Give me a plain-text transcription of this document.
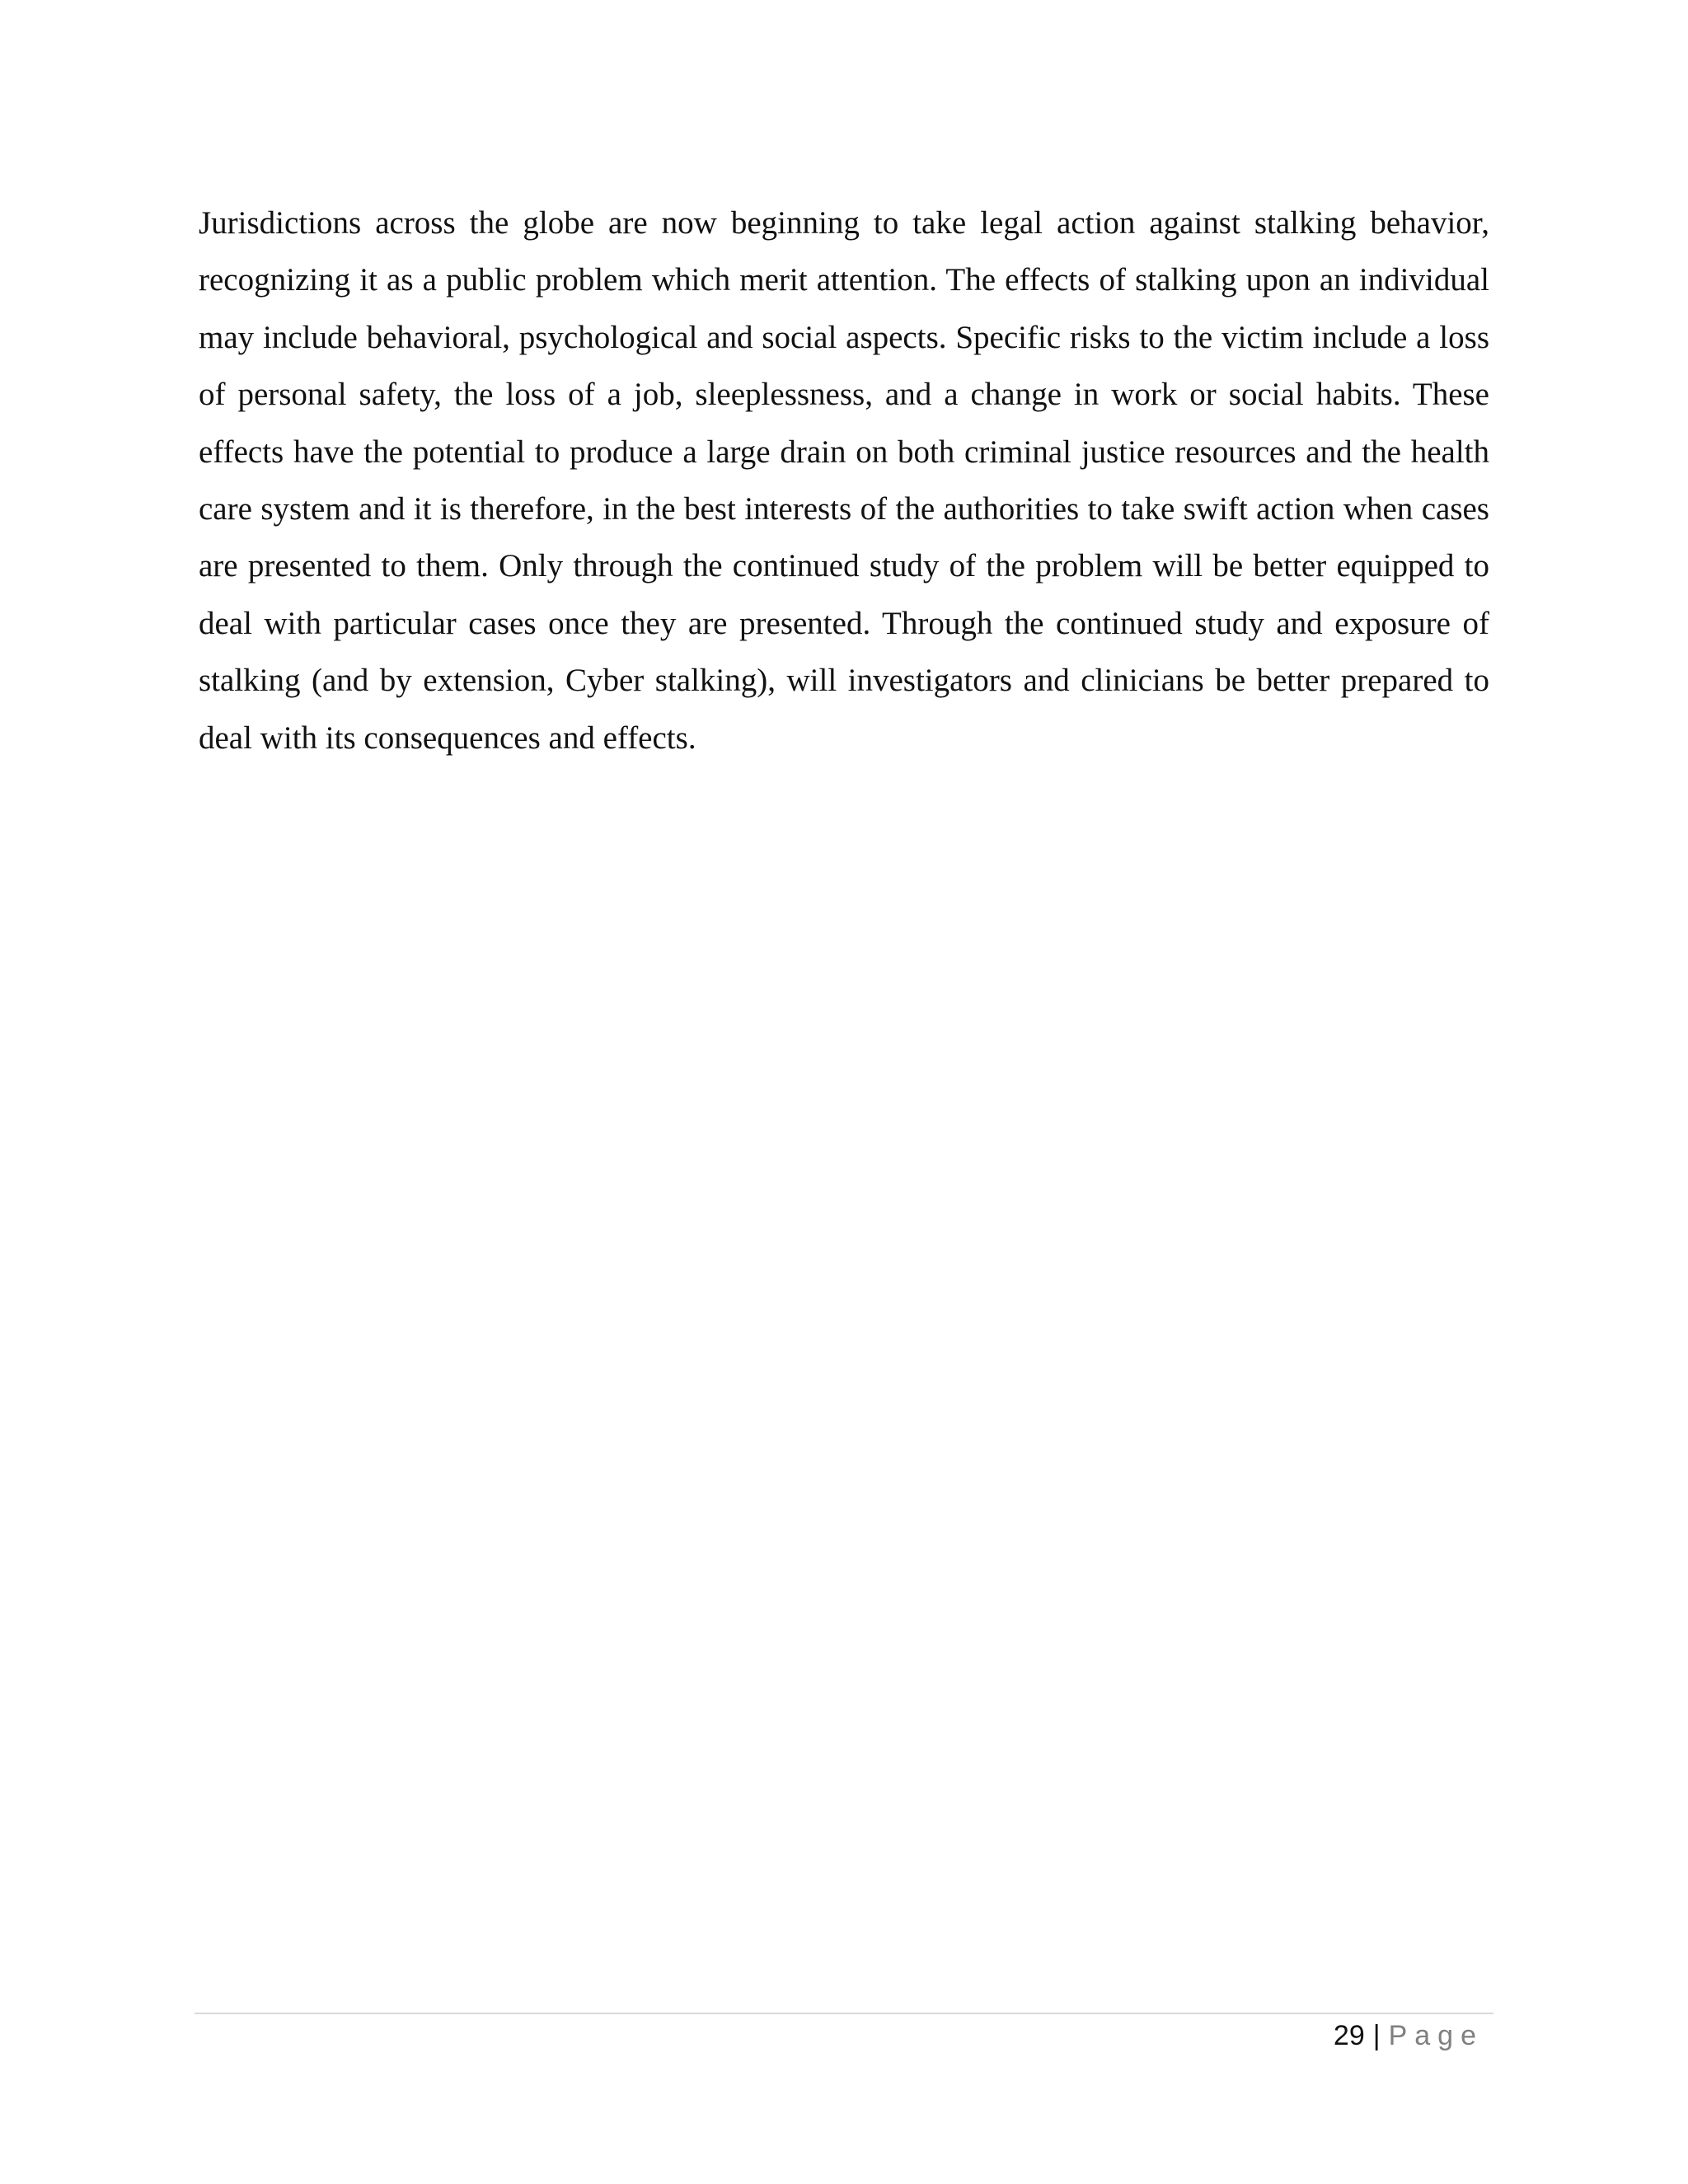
Jurisdictions across the globe are now beginning to take legal action against stalking behavior, recognizing it as a public problem which merit attention. The effects of stalking upon an individual may include behavioral, psychological and social aspects. Specific risks to the victim include a loss of personal safety, the loss of a job, sleeplessness, and a change in work or social habits. These effects have the potential to produce a large drain on both criminal justice resources and the health care system and it is therefore, in the best interests of the authorities to take swift action when cases are presented to them. Only through the continued study of the problem will be better equipped to deal with particular cases once they are presented. Through the continued study and exposure of stalking (and by extension, Cyber stalking), will investigators and clinicians be better prepared to deal with its consequences and effects.

29 | Page
